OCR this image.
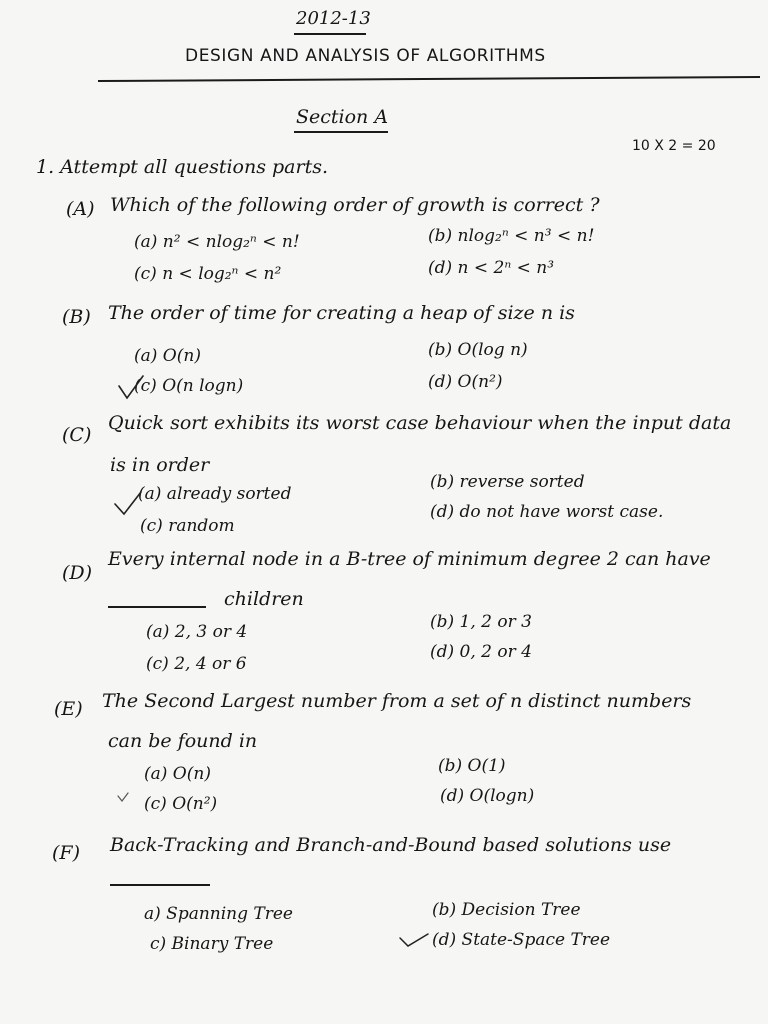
2012-13
DESIGN AND ANALYSIS OF ALGORITHMS
Section A
10 X 2 = 20
1. Attempt all questions parts.
(A) Which of the following order of growth is correct ?
(a) n² < nlog₂ⁿ < n!	(b) nlog₂ⁿ < n³ < n!
(c) n < log₂ⁿ < n²	(d) n < 2ⁿ < n³
(B) The order of time for creating a heap of size n is
(a) O(n)	(b) O(log n)
(c) O(n logn)	(d) O(n²)
(C)
Quick sort exhibits its worst case behaviour when the input data
is in order
(a) already sorted
(b) reverse sorted
(c) random
(d) do not have worst case.
(D)
Every internal node in a B-tree of minimum degree 2 can have
children
(a) 2, 3 or 4	(b) 1, 2 or 3
(c) 2, 4 or 6
(d) 0, 2 or 4
(E) The Second Largest number from a set of n distinct numbers
can be found in
(a) O(n)	(b) O(1)
(c) O(n²)	(d) O(logn)
(F) Back-Tracking and Branch-and-Bound based solutions use
a) Spanning Tree	(b) Decision Tree
c) Binary Tree	(d) State-Space Tree
